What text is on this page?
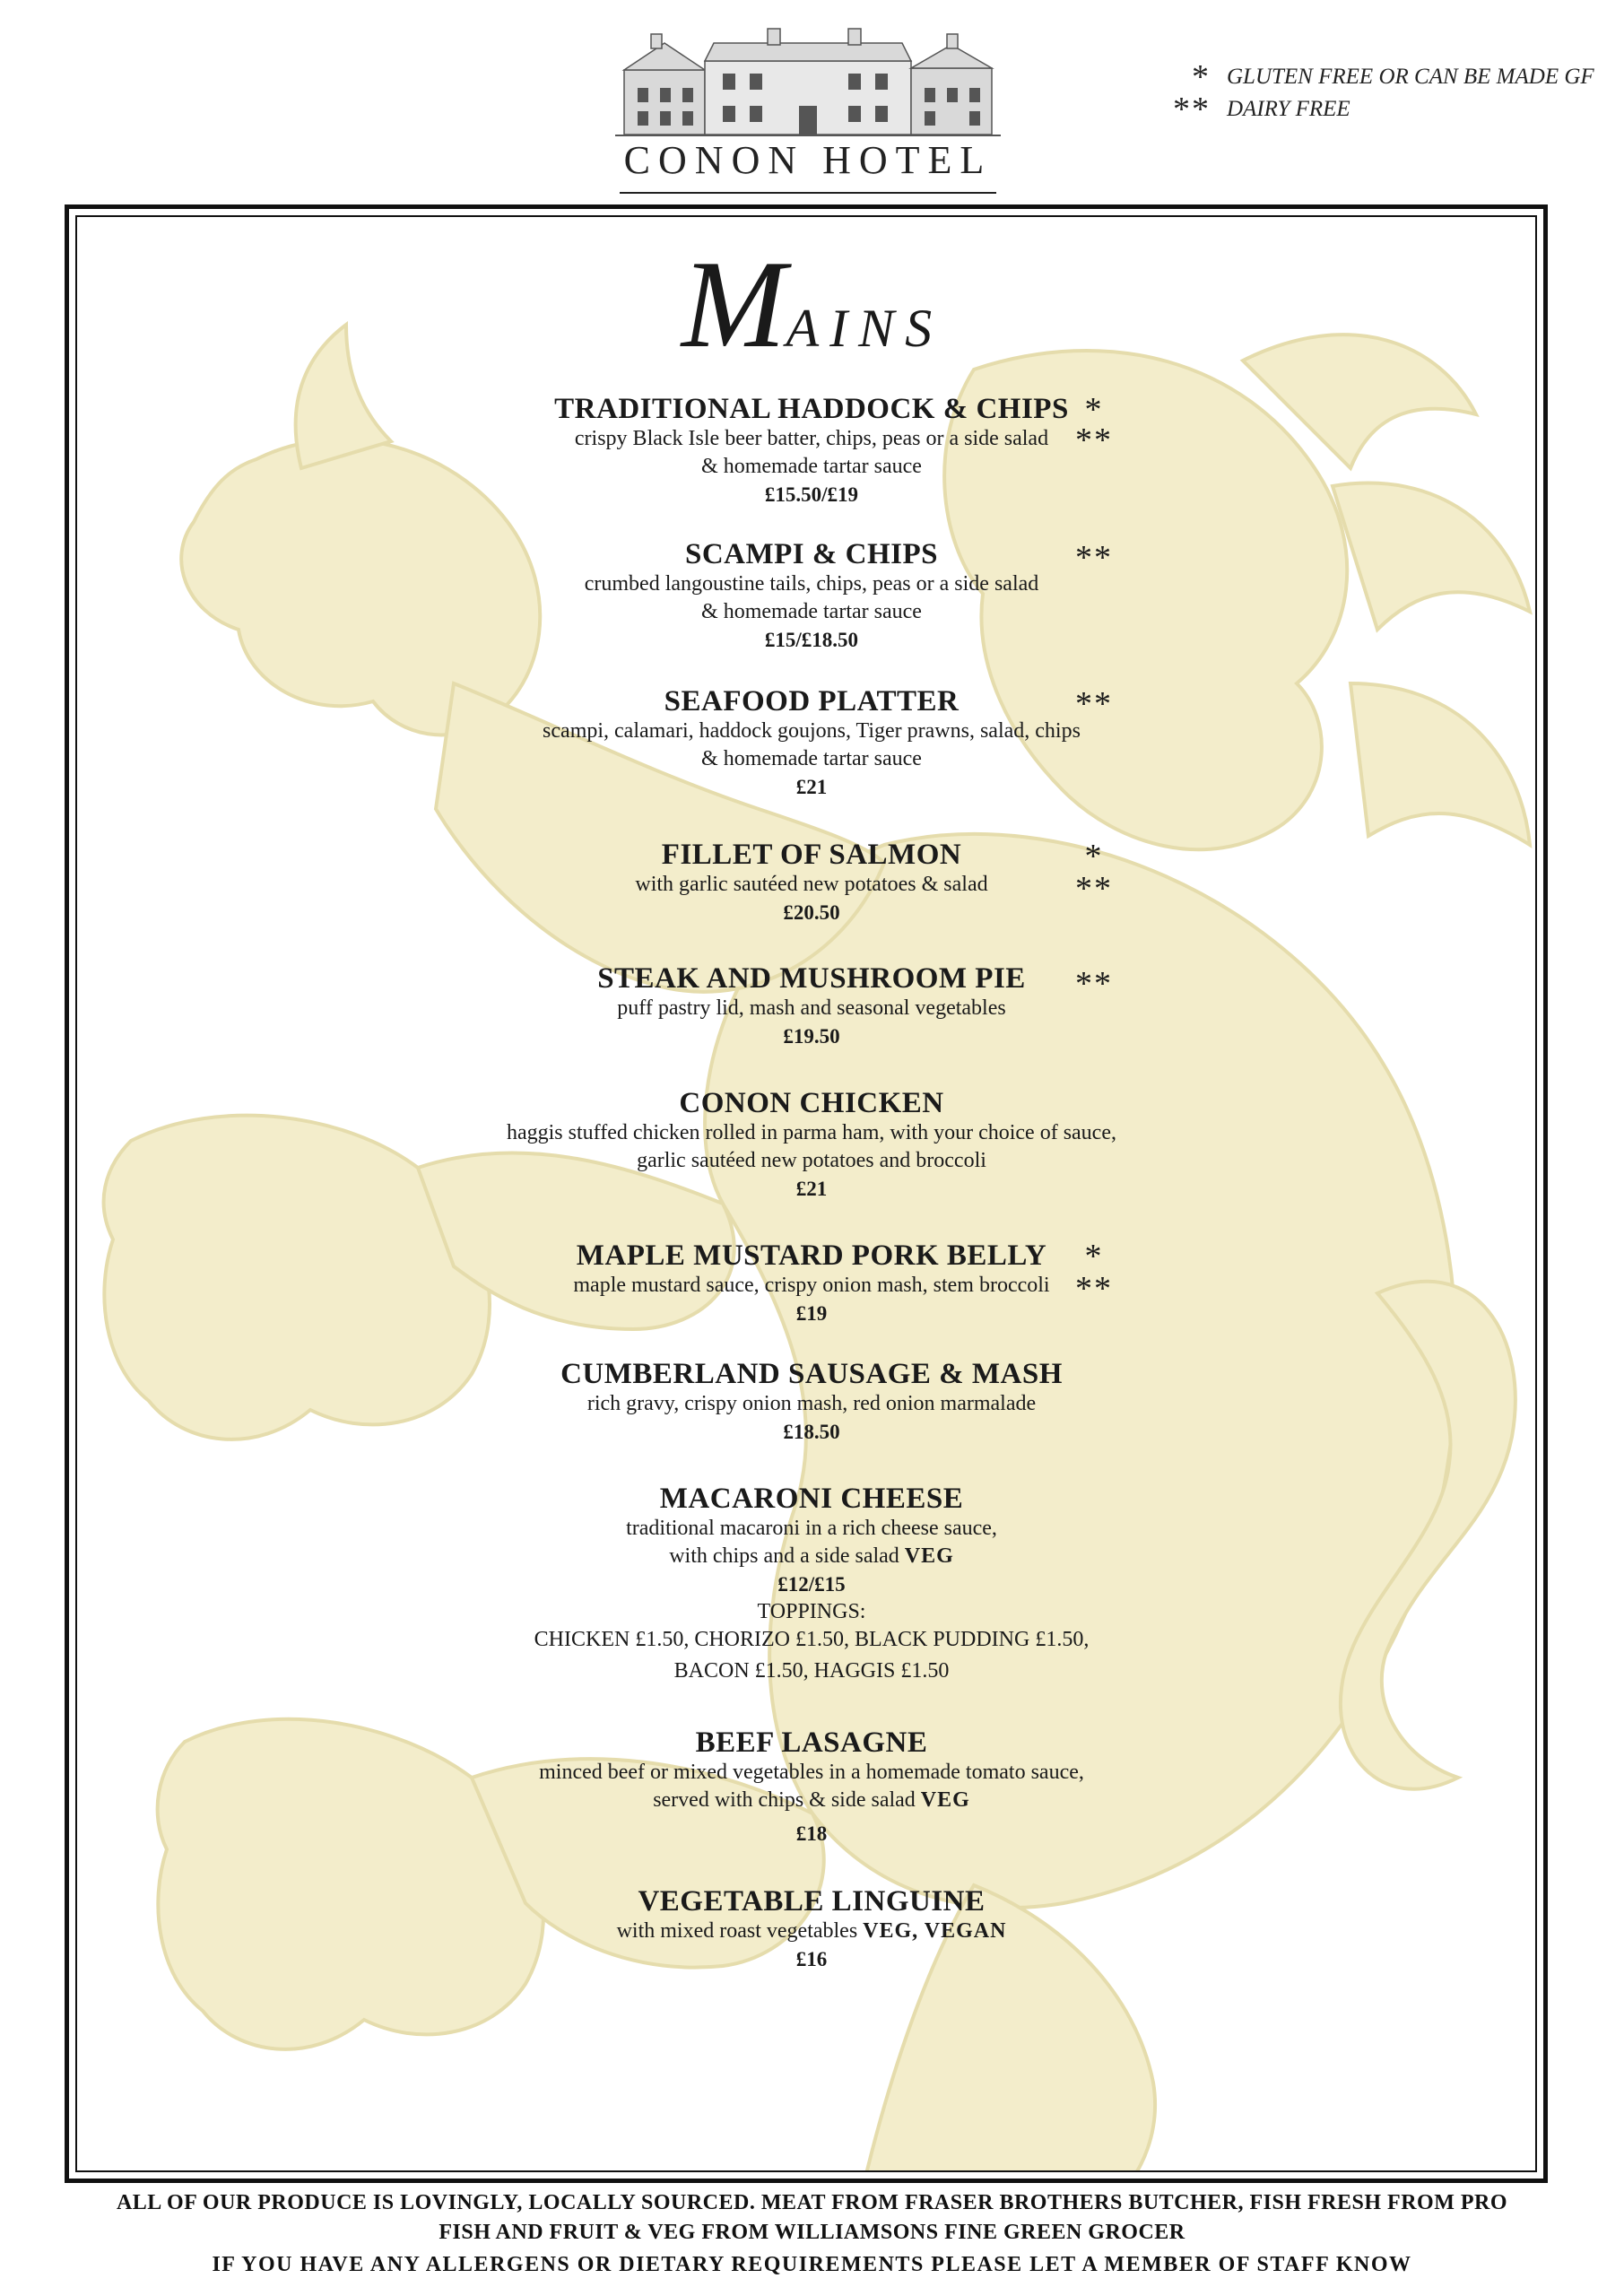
CONON HOTEL
* GLUTEN FREE OR CAN BE MADE GF
** DAIRY FREE
MAINS
TRADITIONAL HADDOCK & CHIPS
crispy Black Isle beer batter, chips, peas or a side salad
& homemade tartar sauce
£15.50/£19
*
**
SCAMPI & CHIPS
crumbed langoustine tails, chips, peas or a side salad
& homemade tartar sauce
£15/£18.50
**
SEAFOOD PLATTER
scampi, calamari, haddock goujons, Tiger prawns, salad, chips
& homemade tartar sauce
£21
**
FILLET OF SALMON
with garlic sautéed new potatoes & salad
£20.50
*
**
STEAK AND MUSHROOM PIE
puff pastry lid, mash and seasonal vegetables
£19.50
**
CONON CHICKEN
haggis stuffed chicken rolled in parma ham, with your choice of sauce,
garlic sautéed new potatoes and broccoli
£21
MAPLE MUSTARD PORK BELLY
maple mustard sauce, crispy onion mash, stem broccoli
£19
*
**
CUMBERLAND SAUSAGE & MASH
rich gravy, crispy onion mash, red onion marmalade
£18.50
MACARONI CHEESE
traditional macaroni in a rich cheese sauce,
with chips and a side salad VEG
£12/£15
TOPPINGS:
CHICKEN £1.50, CHORIZO £1.50, BLACK PUDDING £1.50,
BACON £1.50, HAGGIS £1.50
BEEF LASAGNE
minced beef or mixed vegetables in a homemade tomato sauce,
served with chips & side salad VEG
£18
VEGETABLE LINGUINE
with mixed roast vegetables VEG, VEGAN
£16
ALL OF OUR PRODUCE IS LOVINGLY, LOCALLY SOURCED. MEAT FROM FRASER BROTHERS BUTCHER, FISH FRESH FROM PRO
FISH AND FRUIT & VEG FROM WILLIAMSONS FINE GREEN GROCER
IF YOU HAVE ANY ALLERGENS OR DIETARY REQUIREMENTS PLEASE LET A MEMBER OF STAFF KNOW
